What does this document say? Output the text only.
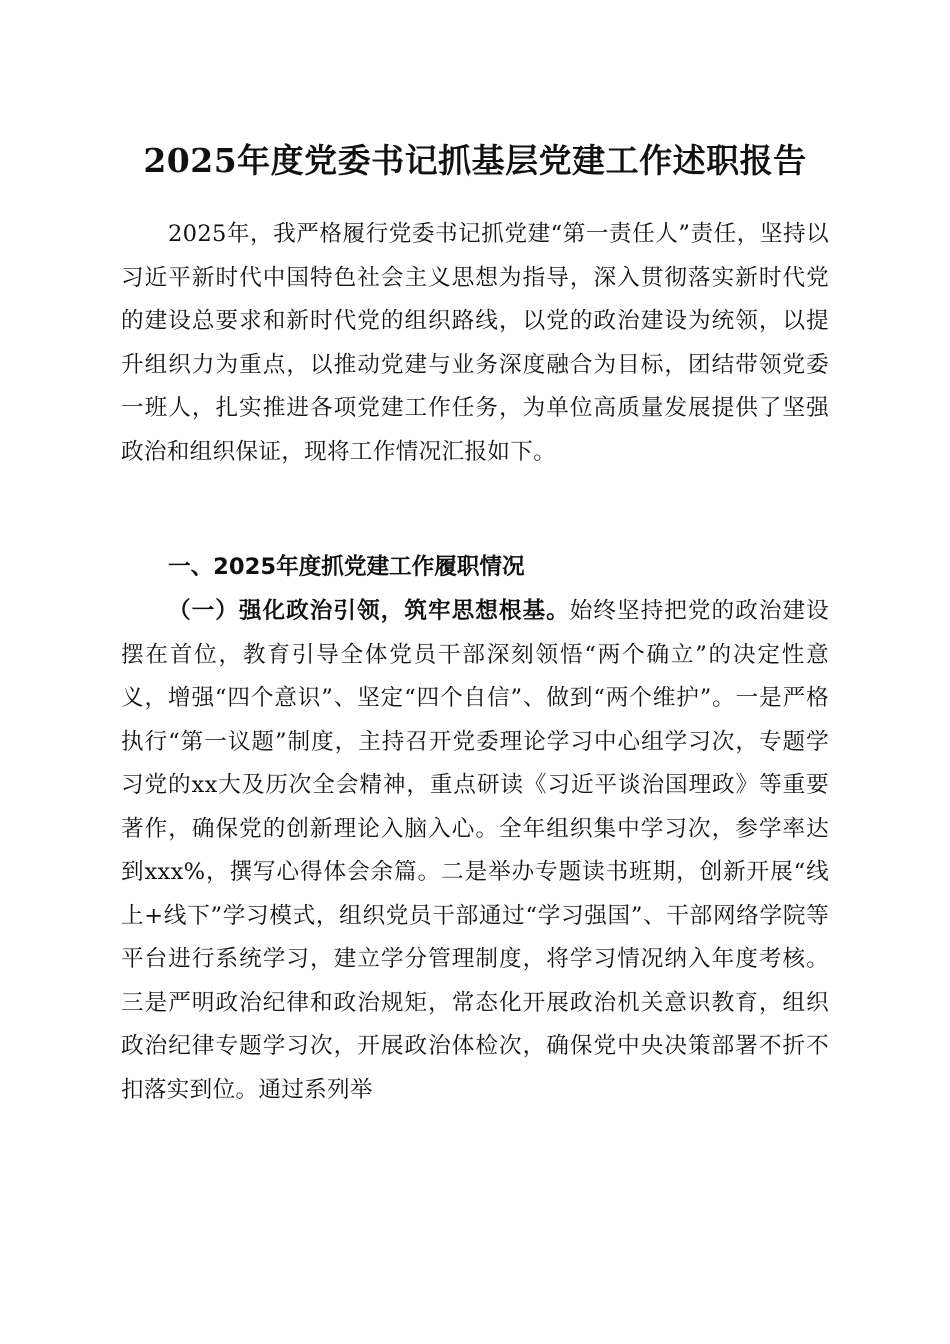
2025年度党委书记抓基层党建工作述职报告

2025年，我严格履行党委书记抓党建“第一责任人”责任，坚持以习近平新时代中国特色社会主义思想为指导，深入贯彻落实新时代党的建设总要求和新时代党的组织路线，以党的政治建设为统领，以提升组织力为重点，以推动党建与业务深度融合为目标，团结带领党委一班人，扎实推进各项党建工作任务，为单位高质量发展提供了坚强政治和组织保证，现将工作情况汇报如下。

一、2025年度抓党建工作履职情况

（一）强化政治引领，筑牢思想根基。始终坚持把党的政治建设摆在首位，教育引导全体党员干部深刻领悟“两个确立”的决定性意义，增强“四个意识”、坚定“四个自信”、做到“两个维护”。一是严格执行“第一议题”制度，主持召开党委理论学习中心组学习次，专题学习党的xx大及历次全会精神，重点研读《习近平谈治国理政》等重要著作，确保党的创新理论入脑入心。全年组织集中学习次，参学率达到xxx%，撰写心得体会余篇。二是举办专题读书班期，创新开展“线上+线下”学习模式，组织党员干部通过“学习强国”、干部网络学院等平台进行系统学习，建立学分管理制度，将学习情况纳入年度考核。三是严明政治纪律和政治规矩，常态化开展政治机关意识教育，组织政治纪律专题学习次，开展政治体检次，确保党中央决策部署不折不扣落实到位。通过系列举
